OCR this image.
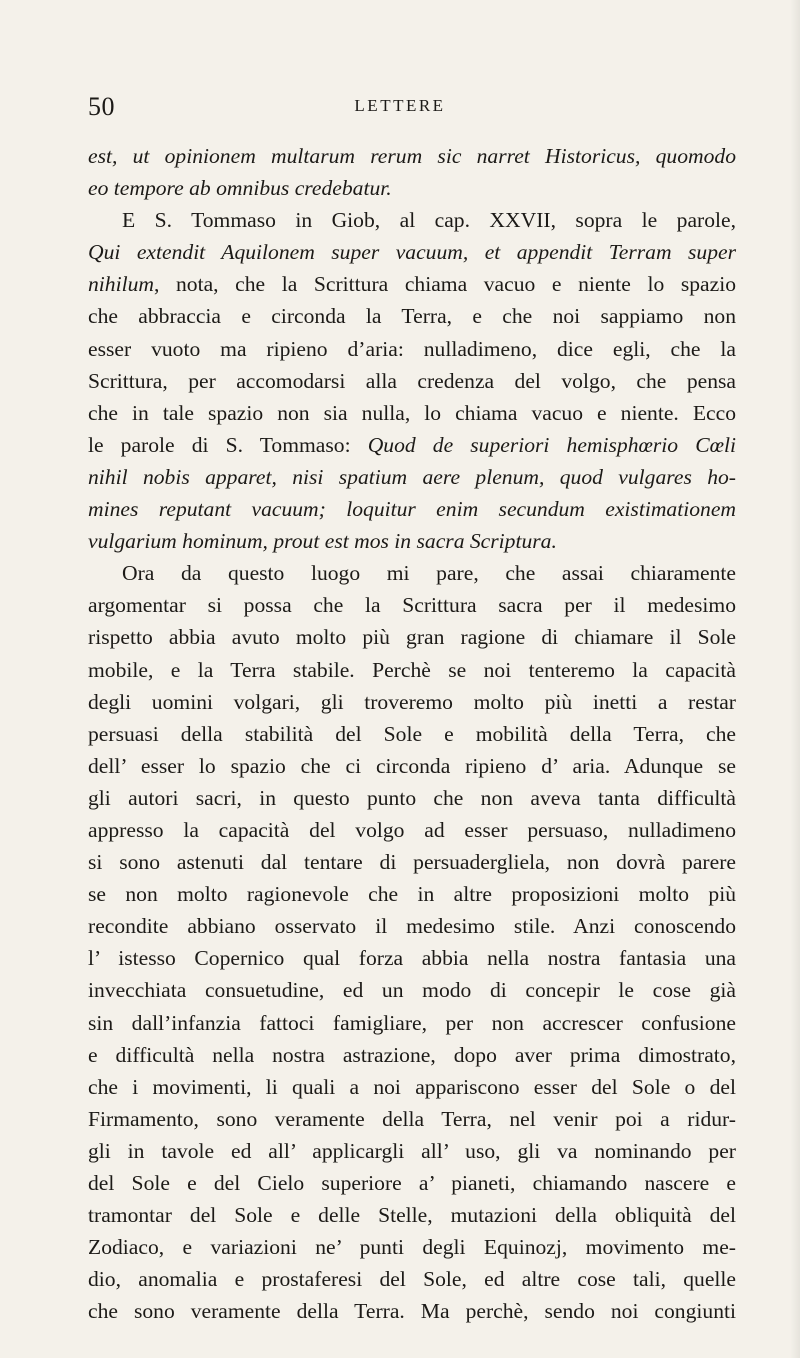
50	LETTERE
est, ut opinionem multarum rerum sic narret Historicus, quomodo
eo tempore ab omnibus credebatur.
E S. Tommaso in Giob, al cap. XXVII, sopra le parole,
Qui extendit Aquilonem super vacuum, et appendit Terram super
nihilum, nota, che la Scrittura chiama vacuo e niente lo spazio
che abbraccia e circonda la Terra, e che noi sappiamo non
esser vuoto ma ripieno d’aria: nulladimeno, dice egli, che la
Scrittura, per accomodarsi alla credenza del volgo, che pensa
che in tale spazio non sia nulla, lo chiama vacuo e niente. Ecco
le parole di S. Tommaso: Quod de superiori hemisphœrio Cœli
nihil nobis apparet, nisi spatium aere plenum, quod vulgares ho-
mines reputant vacuum; loquitur enim secundum existimationem
vulgarium hominum, prout est mos in sacra Scriptura.
Ora da questo luogo mi pare, che assai chiaramente
argomentar si possa che la Scrittura sacra per il medesimo
rispetto abbia avuto molto più gran ragione di chiamare il Sole
mobile, e la Terra stabile. Perchè se noi tenteremo la capacità
degli uomini volgari, gli troveremo molto più inetti a restar
persuasi della stabilità del Sole e mobilità della Terra, che
dell’ esser lo spazio che ci circonda ripieno d’ aria. Adunque se
gli autori sacri, in questo punto che non aveva tanta difficultà
appresso la capacità del volgo ad esser persuaso, nulladimeno
si sono astenuti dal tentare di persuadergliela, non dovrà parere
se non molto ragionevole che in altre proposizioni molto più
recondite abbiano osservato il medesimo stile. Anzi conoscendo
l’ istesso Copernico qual forza abbia nella nostra fantasia una
invecchiata consuetudine, ed un modo di concepir le cose già
sin dall’infanzia fattoci famigliare, per non accrescer confusione
e difficultà nella nostra astrazione, dopo aver prima dimostrato,
che i movimenti, li quali a noi appariscono esser del Sole o del
Firmamento, sono veramente della Terra, nel venir poi a ridur-
gli in tavole ed all’ applicargli all’ uso, gli va nominando per
del Sole e del Cielo superiore a’ pianeti, chiamando nascere e
tramontar del Sole e delle Stelle, mutazioni della obliquità del
Zodiaco, e variazioni ne’ punti degli Equinozj, movimento me-
dio, anomalia e prostaferesi del Sole, ed altre cose tali, quelle
che sono veramente della Terra. Ma perchè, sendo noi congiunti
